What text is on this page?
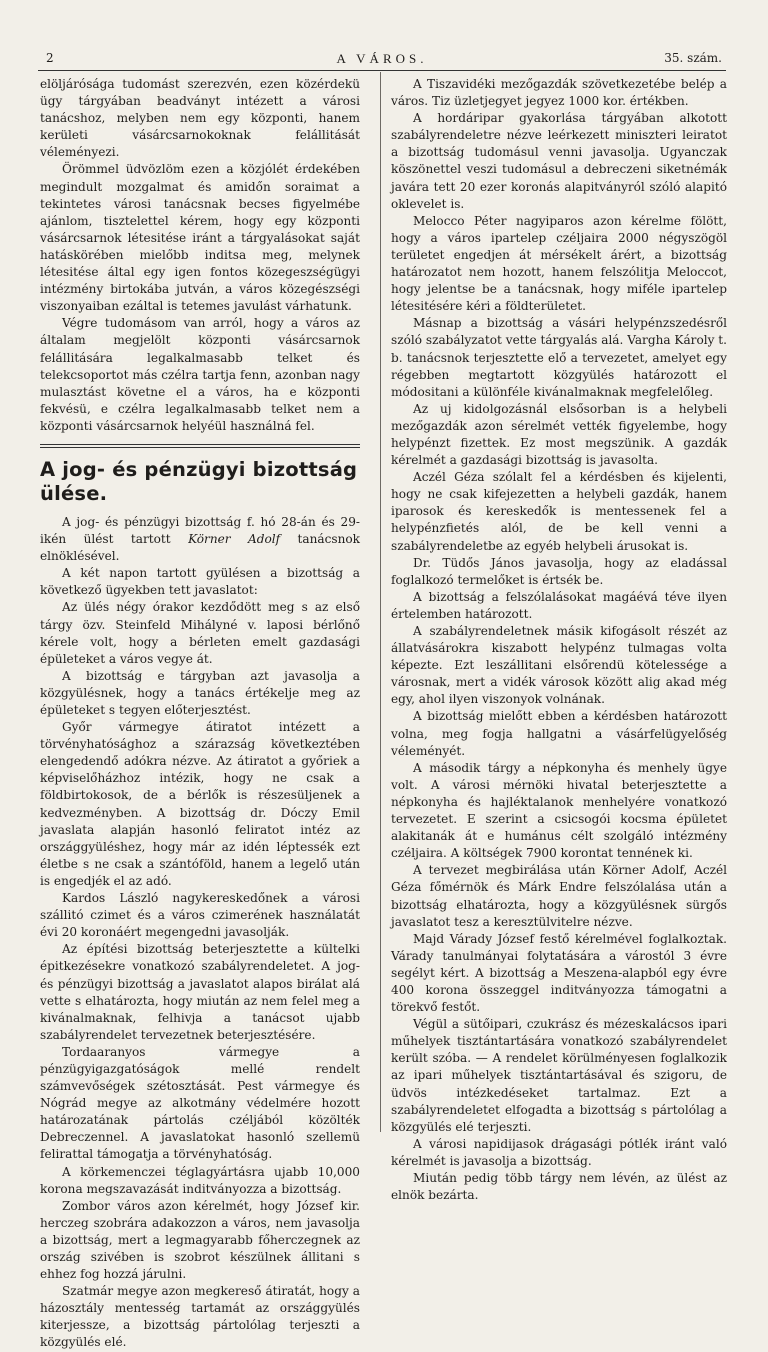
2	A VÁROS.	35. szám.

elöljárósága tudomást szerezvén, ezen közérdekü ügy tárgyában beadványt intézett a városi tanácshoz, melyben nem egy központi, hanem kerületi vásárcsarnokoknak felállitását véleményezi.

Örömmel üdvözlöm ezen a közjólét érdekében megindult mozgalmat és amidőn soraimat a tekintetes városi tanácsnak becses figyelmébe ajánlom, tisztelettel kérem, hogy egy központi vásárcsarnok létesitése iránt a tárgyalásokat saját hatáskörében mielőbb inditsa meg, melynek létesitése által egy igen fontos közegeszségügyi intézmény birtokába jutván, a város közegészségi viszonyaiban ezáltal is tetemes javulást várhatunk.

Végre tudomásom van arról, hogy a város az általam megjelölt központi vásárcsarnok felállitására legalkalmasabb telket és telekcsoportot más czélra tartja fenn, azonban nagy mulasztást követne el a város, ha e központi fekvésü, e czélra legalkalmasabb telket nem a központi vásárcsarnok helyéül használná fel.

A jog- és pénzügyi bizottság ülése.

A jog- és pénzügyi bizottság f. hó 28-án és 29-ikén ülést tartott Körner Adolf tanácsnok elnöklésével.

A két napon tartott gyülésen a bizottság a következő ügyekben tett javaslatot:

Az ülés négy órakor kezdődött meg s az első tárgy özv. Steinfeld Mihályné v. laposi bérlőnő kérele volt, hogy a bérleten emelt gazdasági épületeket a város vegye át.

A bizottság e tárgyban azt javasolja a közgyülésnek, hogy a tanács értékelje meg az épületeket s tegyen előterjesztést.

Győr vármegye átiratot intézett a törvényhatósághoz a szárazság következtében elengedendő adókra nézve. Az átiratot a győriek a képviselőházhoz intézik, hogy ne csak a földbirtokosok, de a bérlők is részesüljenek a kedvezményben. A bizottság dr. Dóczy Emil javaslata alapján hasonló feliratot intéz az országgyüléshez, hogy már az idén léptessék ezt életbe s ne csak a szántóföld, hanem a legelő után is engedjék el az adó.

Kardos László nagykereskedőnek a városi szállitó czimet és a város czimerének használatát évi 20 koronáért megengedni javasolják.

Az építési bizottság beterjesztette a kültelki épitkezésekre vonatkozó szabályrendeletet. A jog- és pénzügyi bizottság a javaslatot alapos birálat alá vette s elhatározta, hogy miután az nem felel meg a kivánalmaknak, felhivja a tanácsot ujabb szabályrendelet tervezetnek beterjesztésére.

Tordaaranyos vármegye a pénzügyigazgatóságok mellé rendelt számvevőségek szétosztását. Pest vármegye és Nógrád megye az alkotmány védelmére hozott határozatának pártolás czéljából közölték Debreczennel. A javaslatokat hasonló szellemü felirattal támogatja a törvényhatóság.

A körkemenczei téglagyártásra ujabb 10,000 korona megszavazását inditványozza a bizottság.

Zombor város azon kérelmét, hogy József kir. herczeg szobrára adakozzon a város, nem javasolja a bizottság, mert a legmagyarabb főherczegnek az ország szivében is szobrot készülnek állitani s ehhez fog hozzá járulni.

Szatmár megye azon megkereső átiratát, hogy a házosztály mentesség tartamát az országgyülés kiterjessze, a bizottság pártolólag terjeszti a közgyülés elé.

A Tiszavidéki mezőgazdák szövetkezetébe belép a város. Tiz üzletjegyet jegyez 1000 kor. értékben.

A hordáripar gyakorlása tárgyában alkotott szabályrendeletre nézve leérkezett miniszteri leiratot a bizottság tudomásul venni javasolja. Ugyanczak köszönettel veszi tudomásul a debreczeni siketnémák javára tett 20 ezer koronás alapitványról szóló alapitó oklevelet is.

Melocco Péter nagyiparos azon kérelme fölött, hogy a város ipartelep czéljaira 2000 négyszögöl területet engedjen át mérsékelt árért, a bizottság határozatot nem hozott, hanem felszólitja Meloccot, hogy jelentse be a tanácsnak, hogy miféle ipartelep létesitésére kéri a földterületet.

Másnap a bizottság a vásári helypénzszedésről szóló szabályzatot vette tárgyalás alá. Vargha Károly t. b. tanácsnok terjesztette elő a tervezetet, amelyet egy régebben megtartott közgyülés határozott el módositani a különféle kivánalmaknak megfelelőleg.

Az uj kidolgozásnál elsősorban is a helybeli mezőgazdák azon sérelmét vették figyelembe, hogy helypénzt fizettek. Ez most megszünik. A gazdák kérelmét a gazdasági bizottság is javasolta.

Aczél Géza szólalt fel a kérdésben és kijelenti, hogy ne csak kifejezetten a helybeli gazdák, hanem iparosok és kereskedők is mentessenek fel a helypénzfietés alól, de be kell venni a szabályrendeletbe az egyéb helybeli árusokat is.

Dr. Tüdős János javasolja, hogy az eladással foglalkozó termelőket is értsék be.

A bizottság a felszólalásokat magáévá téve ilyen értelemben határozott.

A szabályrendeletnek másik kifogásolt részét az állatvásárokra kiszabott helypénz tulmagas volta képezte. Ezt leszállitani elsőrendü kötelessége a városnak, mert a vidék városok között alig akad még egy, ahol ilyen viszonyok volnának.

A bizottság mielőtt ebben a kérdésben határozott volna, meg fogja hallgatni a vásárfelügyelőség véleményét.

A második tárgy a népkonyha és menhely ügye volt. A városi mérnöki hivatal beterjesztette a népkonyha és hajléktalanok menhelyére vonatkozó tervezetet. E szerint a csicsogói kocsma épületet alakitanák át e humánus célt szolgáló intézmény czéljaira. A költségek 7900 korontat tennének ki.

A tervezet megbirálása után Körner Adolf, Aczél Géza főmérnök és Márk Endre felszólalása után a bizottság elhatározta, hogy a közgyülésnek sürgős javaslatot tesz a keresztülvitelre nézve.

Majd Várady József festő kérelmével foglalkoztak. Várady tanulmányai folytatására a várostól 3 évre segélyt kért. A bizottság a Meszena-alapból egy évre 400 korona összeggel inditványozza támogatni a törekvő festőt.

Végül a sütőipari, czukrász és mézeskalácsos ipari műhelyek tisztántartására vonatkozó szabályrendelet került szóba. — A rendelet körülményesen foglalkozik az ipari műhelyek tisztántartásával és szigoru, de üdvös intézkedéseket tartalmaz. Ezt a szabályrendeletet elfogadta a bizottság s pártolólag a közgyülés elé terjeszti.

A városi napidijasok drágasági pótlék iránt való kérelmét is javasolja a bizottság.

Miután pedig több tárgy nem lévén, az ülést az elnök bezárta.
